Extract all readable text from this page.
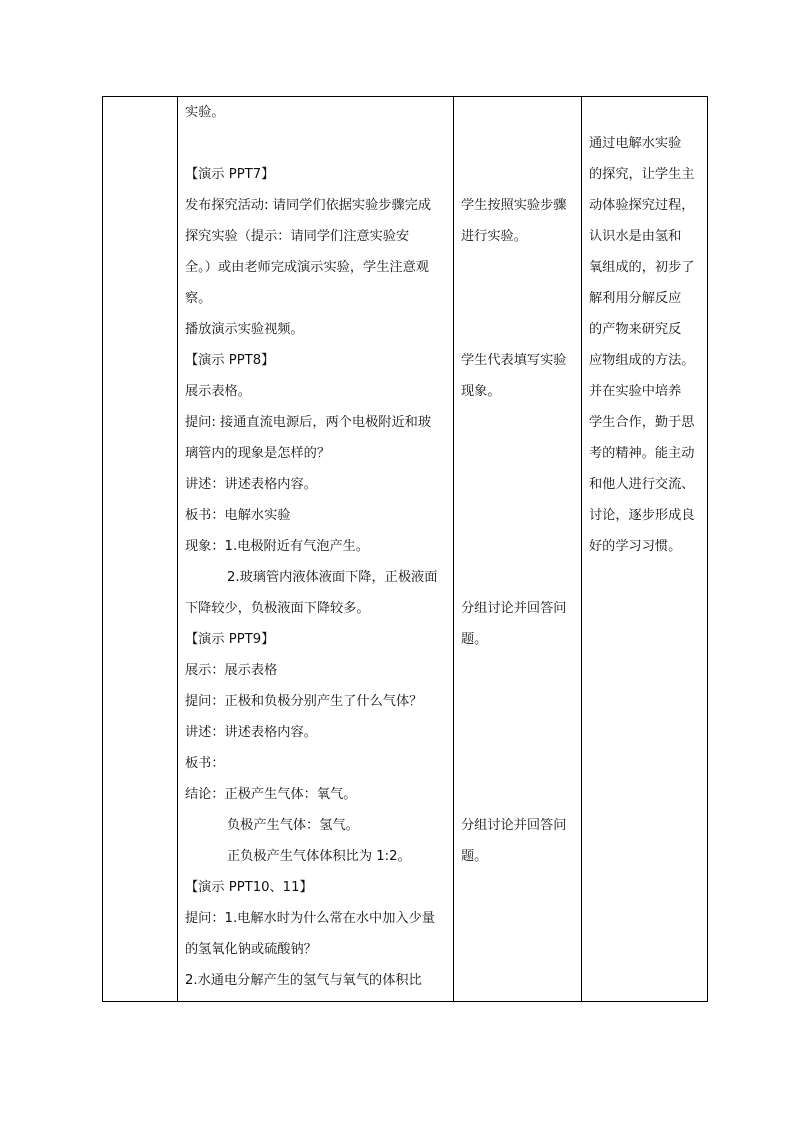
实验。
【演示 PPT7】
发布探究活动: 请同学们依据实验步骤完成
探究实验（提示：请同学们注意实验安
全。）或由老师完成演示实验，学生注意观
察。
播放演示实验视频。
【演示 PPT8】
展示表格。
提问: 接通直流电源后，两个电极附近和玻
璃管内的现象是怎样的？
讲述：讲述表格内容。
板书：电解水实验
现象：1.电极附近有气泡产生。
2.玻璃管内液体液面下降，正极液面
下降较少，负极液面下降较多。
【演示 PPT9】
展示：展示表格
提问：正极和负极分别产生了什么气体？
讲述：讲述表格内容。
板书：
结论：正极产生气体：氧气。
负极产生气体：氢气。
正负极产生气体体积比为 1:2。
【演示 PPT10、11】
提问：1.电解水时为什么常在水中加入少量
的氢氧化钠或硫酸钠？
2.水通电分解产生的氢气与氧气的体积比

学生按照实验步骤
进行实验。
学生代表填写实验
现象。
分组讨论并回答问
题。
分组讨论并回答问
题。

通过电解水实验
的探究，让学生主
动体验探究过程，
认识水是由氢和
氧组成的，初步了
解利用分解反应
的产物来研究反
应物组成的方法。
并在实验中培养
学生合作，勤于思
考的精神。能主动
和他人进行交流、
讨论，逐步形成良
好的学习习惯。
